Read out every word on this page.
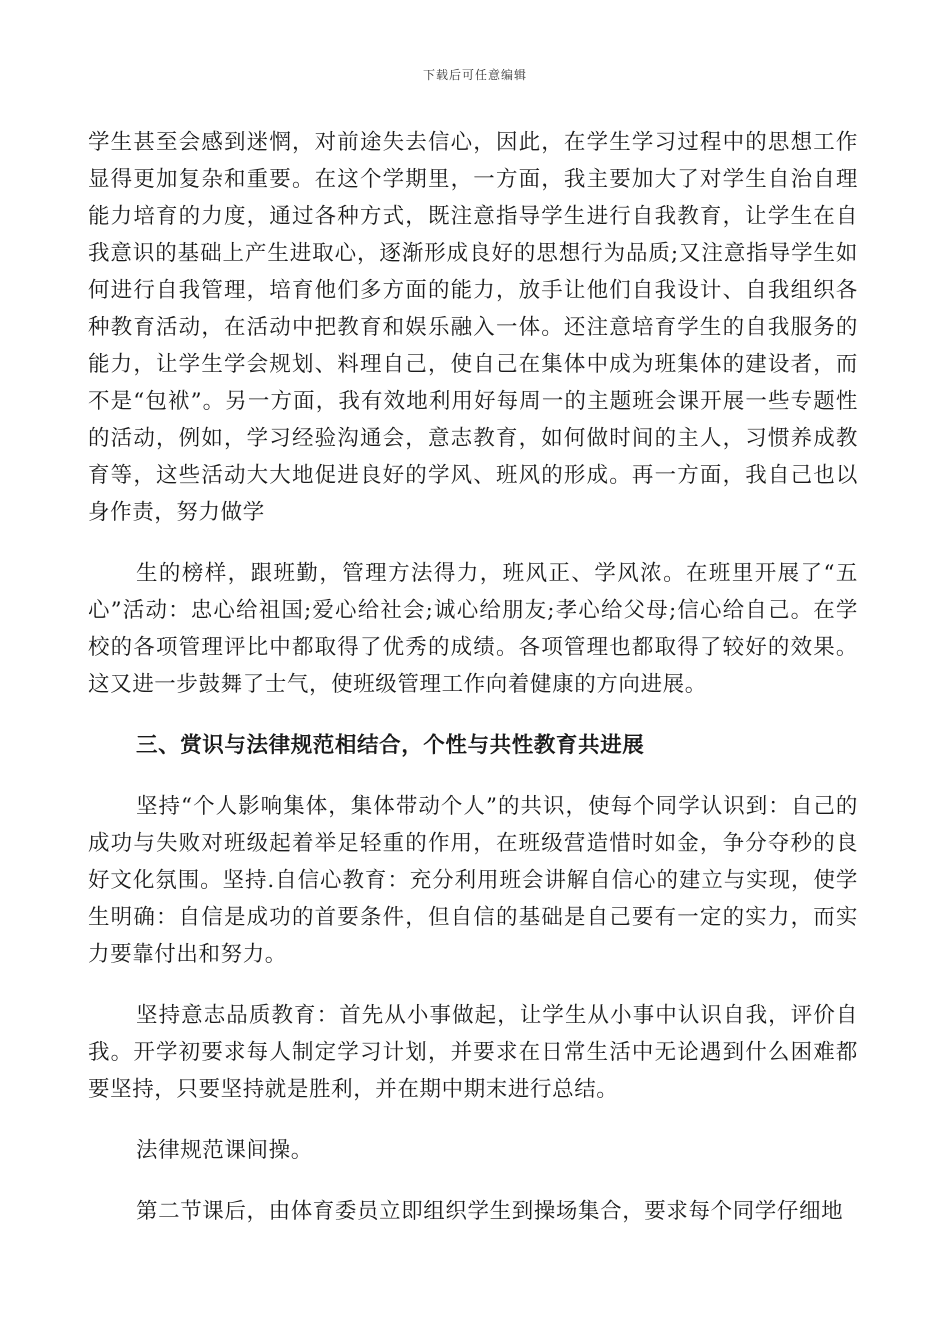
下载后可任意编辑

学生甚至会感到迷惘，对前途失去信心，因此，在学生学习过程中的思想工作显得更加复杂和重要。在这个学期里，一方面，我主要加大了对学生自治自理能力培育的力度，通过各种方式，既注意指导学生进行自我教育，让学生在自我意识的基础上产生进取心，逐渐形成良好的思想行为品质;又注意指导学生如何进行自我管理，培育他们多方面的能力，放手让他们自我设计、自我组织各种教育活动，在活动中把教育和娱乐融入一体。还注意培育学生的自我服务的能力，让学生学会规划、料理自己，使自己在集体中成为班集体的建设者，而不是“包袱”。另一方面，我有效地利用好每周一的主题班会课开展一些专题性的活动，例如，学习经验沟通会，意志教育，如何做时间的主人，习惯养成教育等，这些活动大大地促进良好的学风、班风的形成。再一方面，我自己也以身作责，努力做学

生的榜样，跟班勤，管理方法得力，班风正、学风浓。在班里开展了“五心”活动：忠心给祖国;爱心给社会;诚心给朋友;孝心给父母;信心给自己。在学校的各项管理评比中都取得了优秀的成绩。各项管理也都取得了较好的效果。这又进一步鼓舞了士气，使班级管理工作向着健康的方向进展。

三、赏识与法律规范相结合，个性与共性教育共进展

坚持“个人影响集体，集体带动个人”的共识，使每个同学认识到：自己的成功与失败对班级起着举足轻重的作用，在班级营造惜时如金，争分夺秒的良好文化氛围。坚持.自信心教育：充分利用班会讲解自信心的建立与实现，使学生明确：自信是成功的首要条件，但自信的基础是自己要有一定的实力，而实力要靠付出和努力。

坚持意志品质教育：首先从小事做起，让学生从小事中认识自我，评价自我。开学初要求每人制定学习计划，并要求在日常生活中无论遇到什么困难都要坚持，只要坚持就是胜利，并在期中期末进行总结。

法律规范课间操。

第二节课后，由体育委员立即组织学生到操场集合，要求每个同学仔细地
